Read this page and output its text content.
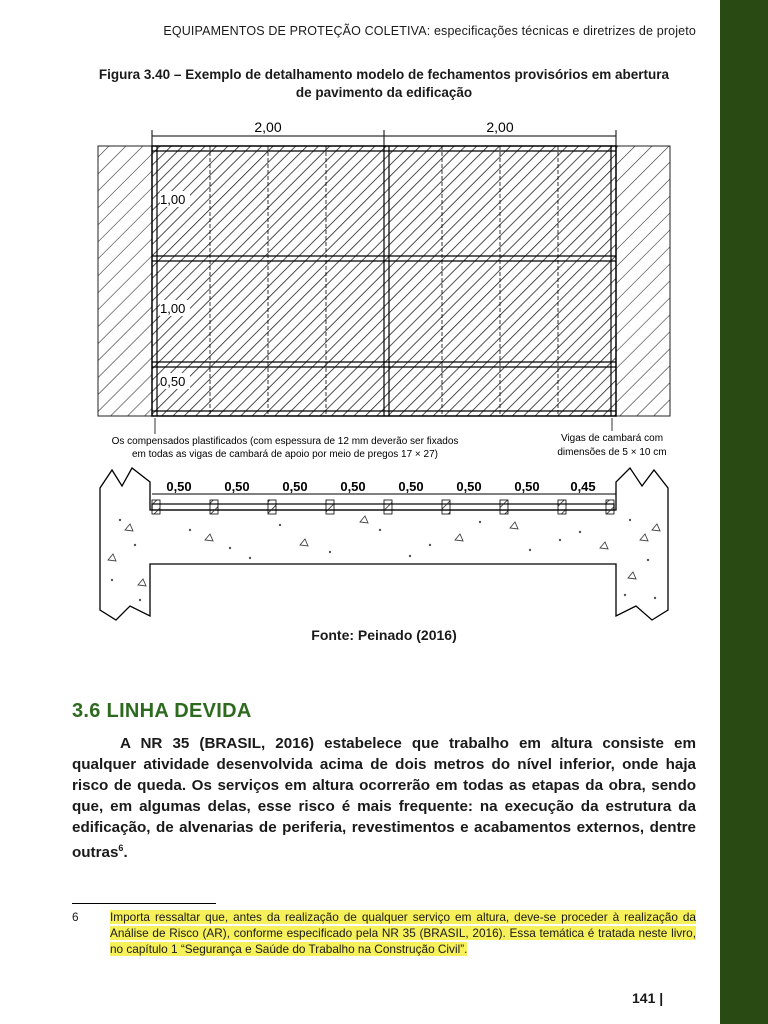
EQUIPAMENTOS DE PROTEÇÃO COLETIVA: especificações técnicas e diretrizes de projeto
Figura 3.40 – Exemplo de detalhamento modelo de fechamentos provisórios em abertura
de pavimento da edificação
2,00	2,00
1,00
1,00
0,50
Os compensados plastificados (com espessura de 12 mm deverão ser fixados
em todas as vigas de cambará de apoio por meio de pregos 17 × 27)
Vigas de cambará com
dimensões de 5 × 10 cm
0,50	0,50	0,50	0,50	0,50	0,50	0,50 0,45
Fonte: Peinado (2016)
3.6 LINHA DEVIDA
A NR 35 (BRASIL, 2016) estabelece que trabalho em altura consiste em qualquer atividade desenvolvida acima de dois metros do nível inferior, onde haja risco de queda. Os serviços em altura ocorrerão em todas as etapas da obra, sendo que, em algumas delas, esse risco é mais frequente: na execução da estrutura da edificação, de alvenarias de periferia, revestimentos e acabamentos externos, dentre outras$^6$.
6	Importa ressaltar que, antes da realização de qualquer serviço em altura, deve-se proceder à realização da Análise de Risco (AR), conforme especificado pela NR 35 (BRASIL, 2016). Essa temática é tratada neste livro, no capítulo 1 “Segurança e Saúde do Trabalho na Construção Civil”.
141 |
